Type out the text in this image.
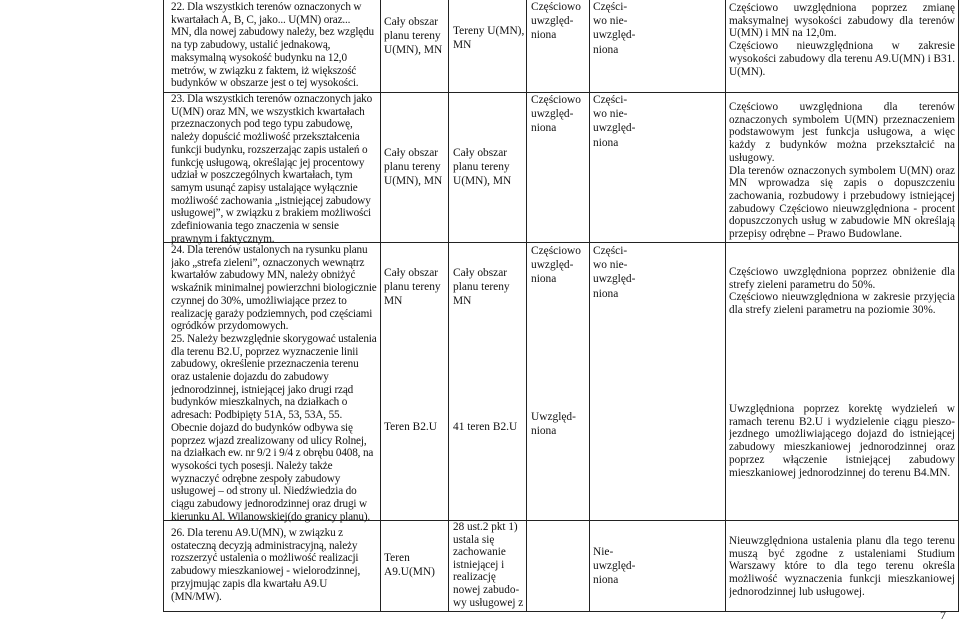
22. Dla wszystkich terenów oznaczonych w kwartałach A, B, C, jako... U(MN) oraz...
MN, dla nowej zabudowy należy, bez względu na typ zabudowy, ustalić jednakową, maksymalną wysokość budynku na 12,0 metrów, w związku z faktem, iż większość budynków w obszarze jest o tej wysokości.
Cały obszar
planu tereny
U(MN), MN
Tereny U(MN),
MN
Częściowo
uwzględ-
niona
Części-
wo nie-
uwzględ-
niona
Częściowo uwzględniona poprzez zmianę maksymalnej wysokości zabudowy dla terenów U(MN) i MN na 12,0m.
Częściowo nieuwzględniona w zakresie wysokości zabudowy dla terenu A9.U(MN) i B31. U(MN).
23. Dla wszystkich terenów oznaczonych jako U(MN) oraz MN, we wszystkich kwartałach przeznaczonych pod tego typu zabudowę, należy dopuścić możliwość przekształcenia funkcji budynku, rozszerzając zapis ustaleń o funkcję usługową, określając jej procentowy udział w poszczególnych kwartałach, tym samym usunąć zapisy ustalające wyłącznie możliwość zachowania „istniejącej zabudowy usługowej”, w związku z brakiem możliwości zdefiniowania tego znaczenia w sensie prawnym i faktycznym.
Cały obszar
planu tereny
U(MN), MN
Cały obszar
planu tereny
U(MN), MN
Częściowo
uwzględ-
niona
Części-
wo nie-
uwzględ-
niona
Częściowo uwzględniona dla terenów oznaczonych symbolem U(MN) przeznaczeniem podstawowym jest funkcja usługowa, a więc każdy z budynków można przekształcić na usługowy.
Dla terenów oznaczonych symbolem U(MN) oraz MN wprowadza się zapis o dopuszczeniu zachowania, rozbudowy i przebudowy istniejącej zabudowy Częściowo nieuwzględniona - procent dopuszczonych usług w zabudowie MN określają przepisy odrębne – Prawo Budowlane.
24. Dla terenów ustalonych na rysunku planu jako „strefa zieleni”, oznaczonych wewnątrz kwartałów zabudowy MN, należy obniżyć wskaźnik minimalnej powierzchni biologicznie czynnej do 30%, umożliwiające przez to realizację garaży podziemnych, pod częściami ogródków przydomowych.
25. Należy bezwzględnie skorygować ustalenia dla terenu B2.U, poprzez wyznaczenie linii zabudowy, określenie przeznaczenia terenu oraz ustalenie dojazdu do zabudowy jednorodzinnej, istniejącej jako drugi rząd budynków mieszkalnych, na działkach o adresach: Podbipięty 51A, 53, 53A, 55. Obecnie dojazd do budynków odbywa się poprzez wjazd zrealizowany od ulicy Rolnej, na działkach ew. nr 9/2 i 9/4 z obrębu 0408, na wysokości tych posesji. Należy także wyznaczyć odrębne zespoły zabudowy usługowej – od strony ul. Niedźwiedzia do ciągu zabudowy jednorodzinnej oraz drugi w kierunku Al. Wilanowskiej(do granicy planu).
Cały obszar
planu tereny
MN
Cały obszar
planu tereny
MN
Częściowo
uwzględ-
niona
Części-
wo nie-
uwzględ-
niona
Częściowo uwzględniona poprzez obniżenie dla strefy zieleni parametru do 50%.
Częściowo nieuwzględniona w zakresie przyjęcia dla strefy zieleni parametru na poziomie 30%.
Teren B2.U	41 teren B2.U
Uwzględ-
niona
Uwzględniona poprzez korektę wydzieleń w ramach terenu B2.U i wydzielenie ciągu pieszo-jezdnego umożliwiającego dojazd do istniejącej zabudowy mieszkaniowej jednorodzinnej oraz poprzez włączenie istniejącej zabudowy mieszkaniowej jednorodzinnej do terenu B4.MN.
26. Dla terenu A9.U(MN), w związku z ostateczną decyzją administracyjną, należy rozszerzyć ustalenia o możliwość realizacji zabudowy mieszkaniowej - wielorodzinnej, przyjmując zapis dla kwartału A9.U (MN/MW).
Teren
A9.U(MN)
28 ust.2 pkt 1)
ustala się
zachowanie
istniejącej i
realizację
nowej zabudo-
wy usługowej z
Nie-
uwzględ-
niona
Nieuwzględniona ustalenia planu dla tego terenu muszą być zgodne z ustaleniami Studium Warszawy które to dla tego terenu określa możliwość wyznaczenia funkcji mieszkaniowej jednorodzinnej lub usługowej.
7
